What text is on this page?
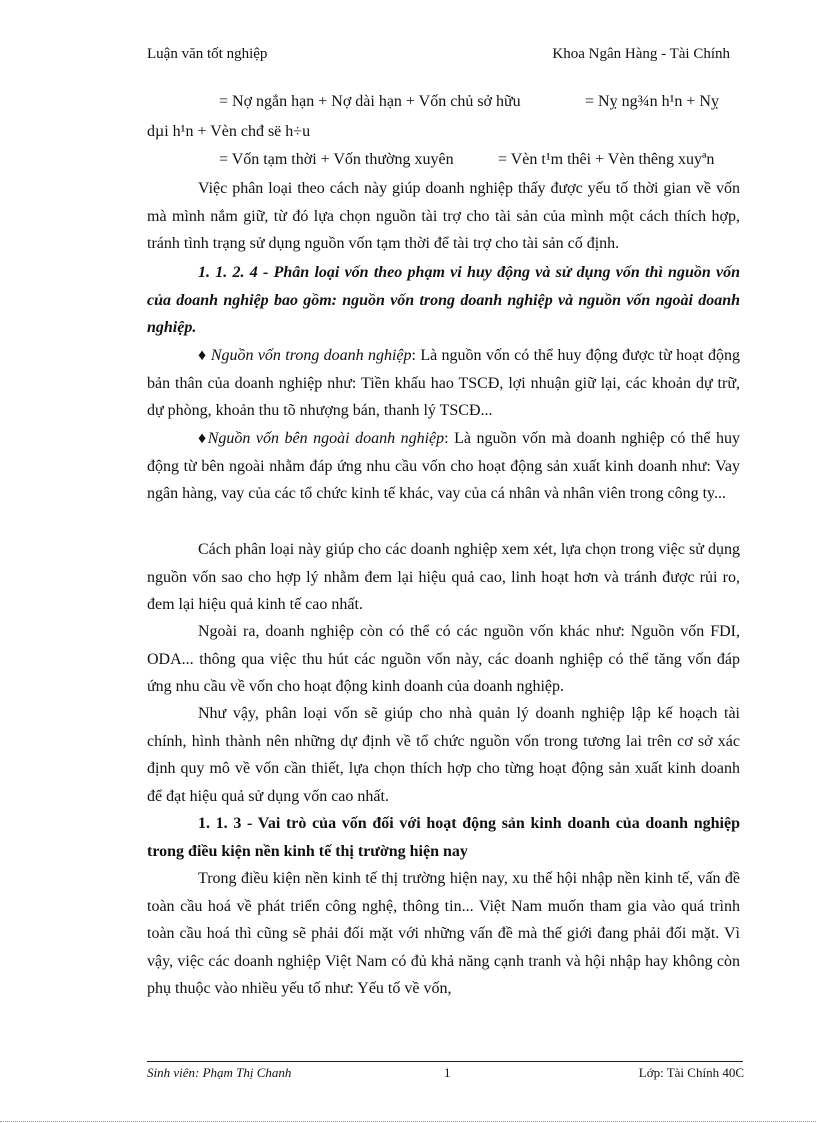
Luận văn tốt nghiệp	Khoa Ngân Hàng - Tài Chính
= Nợ ngắn hạn + Nợ dài hạn + Vốn chủ sở hữu	= Nỵ ng¾n h¹n + Nỵ
dµi h¹n + Vèn chđ së h÷u
= Vốn tạm thời + Vốn thường xuyên	= Vèn t¹m thêi + Vèn thêng xuyªn
Việc phân loại theo cách này giúp doanh nghiệp thấy được yếu tố thời gian về vốn mà mình nắm giữ, từ đó lựa chọn nguồn tài trợ cho tài sản của mình một cách thích hợp, tránh tình trạng sử dụng nguồn vốn tạm thời để tài trợ cho tài sản cố định.
1. 1. 2. 4 - Phân loại vốn theo phạm vi huy động và sử dụng vốn thì nguồn vốn của doanh nghiệp bao gồm: nguồn vốn trong doanh nghiệp và nguồn vốn ngoài doanh nghiệp.
♦ Nguồn vốn trong doanh nghiệp: Là nguồn vốn có thể huy động được từ hoạt động bản thân của doanh nghiệp như: Tiền khấu hao TSCĐ, lợi nhuận giữ lại, các khoản dự trữ, dự phòng, khoản thu tõ nhượng bán, thanh lý TSCĐ...
♦Nguồn vốn bên ngoài doanh nghiệp: Là nguồn vốn mà doanh nghiệp có thể huy động từ bên ngoài nhằm đáp ứng nhu cầu vốn cho hoạt động sản xuất kinh doanh như: Vay ngân hàng, vay của các tổ chức kinh tế khác, vay của cá nhân và nhân viên trong công ty...
Cách phân loại này giúp cho các doanh nghiệp xem xét, lựa chọn trong việc sử dụng nguồn vốn sao cho hợp lý nhằm đem lại hiệu quả cao, linh hoạt hơn và tránh được rủi ro, đem lại hiệu quả kinh tế cao nhất.
Ngoài ra, doanh nghiệp còn có thể có các nguồn vốn khác như: Nguồn vốn FDI, ODA... thông qua việc thu hút các nguồn vốn này, các doanh nghiệp có thể tăng vốn đáp ứng nhu cầu về vốn cho hoạt động kinh doanh của doanh nghiệp.
Như vậy, phân loại vốn sẽ giúp cho nhà quản lý doanh nghiệp lập kế hoạch tài chính, hình thành nên những dự định về tổ chức nguồn vốn trong tương lai trên cơ sở xác định quy mô về vốn cần thiết, lựa chọn thích hợp cho từng hoạt động sản xuất kinh doanh để đạt hiệu quả sử dụng vốn cao nhất.
1. 1. 3 - Vai trò của vốn đối với hoạt động sản kinh doanh của doanh nghiệp trong điều kiện nền kinh tế thị trường hiện nay
Trong điều kiện nền kinh tế thị trường hiện nay, xu thế hội nhập nền kinh tế, vấn đề toàn cầu hoá về phát triển công nghệ, thông tin... Việt Nam muốn tham gia vào quá trình toàn cầu hoá thì cũng sẽ phải đối mặt với những vấn đề mà thế giới đang phải đối mặt. Vì vậy, việc các doanh nghiệp Việt Nam có đủ khả năng cạnh tranh và hội nhập hay không còn phụ thuộc vào nhiều yếu tố như: Yếu tố về vốn,
Sinh viên: Phạm Thị Chanh	1	Lớp: Tài Chính 40C
